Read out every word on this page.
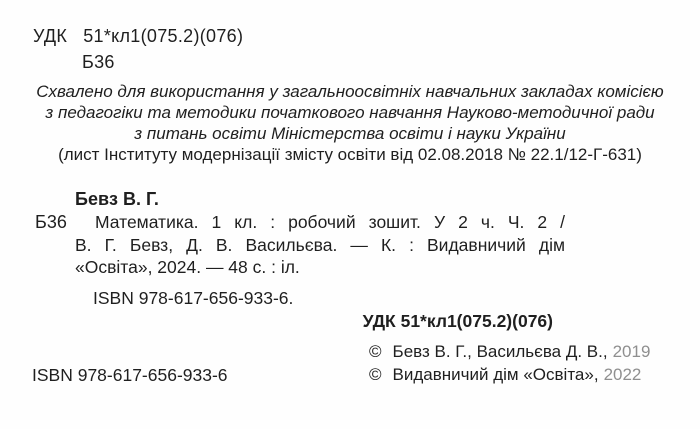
УДК 51*кл1(075.2)(076)
Б36
Схвалено для використання у загальноосвітніх навчальних закладах комісією
з педагогіки та методики початкового навчання Науково-методичної ради
з питань освіти Міністерства освіти і науки України
(лист Інституту модернізації змісту освіти від 02.08.2018 № 22.1/12-Г-631)
Бевз В. Г.
Б36	Математика. 1 кл. : робочий зошит. У 2 ч. Ч. 2 /
В. Г. Бевз, Д. В. Васильєва. — К. : Видавничий дім
«Освіта», 2024. — 48 с. : іл.
ISBN 978-617-656-933-6.
УДК 51*кл1(075.2)(076)
ISBN 978-617-656-933-6
© Бевз В. Г., Васильєва Д. В., 2019
© Видавничий дім «Освіта», 2022
